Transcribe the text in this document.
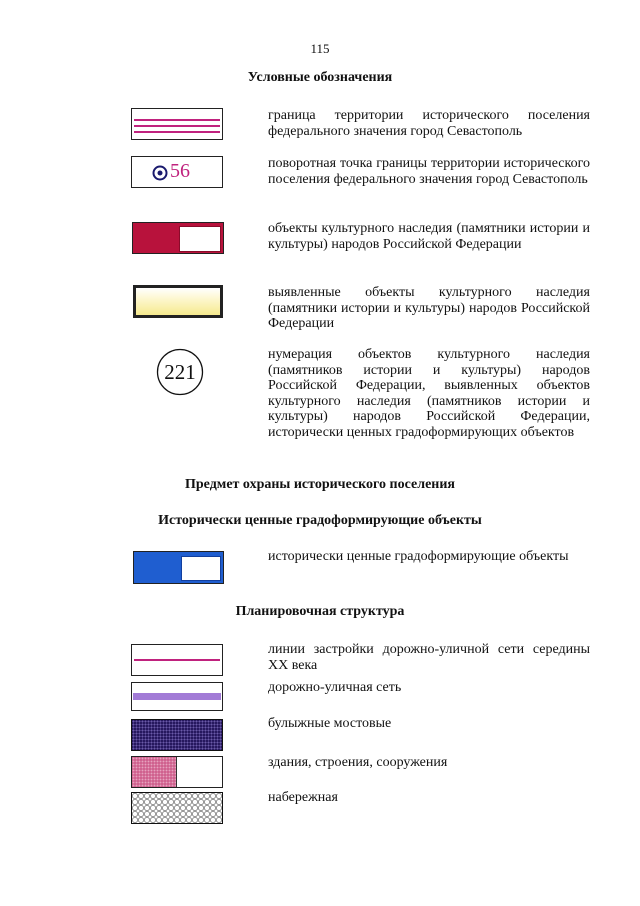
115
Условные обозначения
граница территории исторического поселения федерального значения город Севастополь
56	поворотная точка границы территории исторического поселения федерального значения город Севастополь
объекты культурного наследия (памятники истории и культуры) народов Российской Федерации
выявленные объекты культурного наследия (памятники истории и культуры) народов Российской Федерации
221
нумерация объектов культурного наследия (памятников истории и культуры) народов Российской Федерации, выявленных объектов культурного наследия (памятников истории и культуры) народов Российской Федерации, исторически ценных градоформирующих объектов
Предмет охраны исторического поселения
Исторически ценные градоформирующие объекты
исторически ценные градоформирующие объекты
Планировочная структура
линии застройки дорожно-уличной сети середины XX века
дорожно-уличная сеть
булыжные мостовые
здания, строения, сооружения
набережная
